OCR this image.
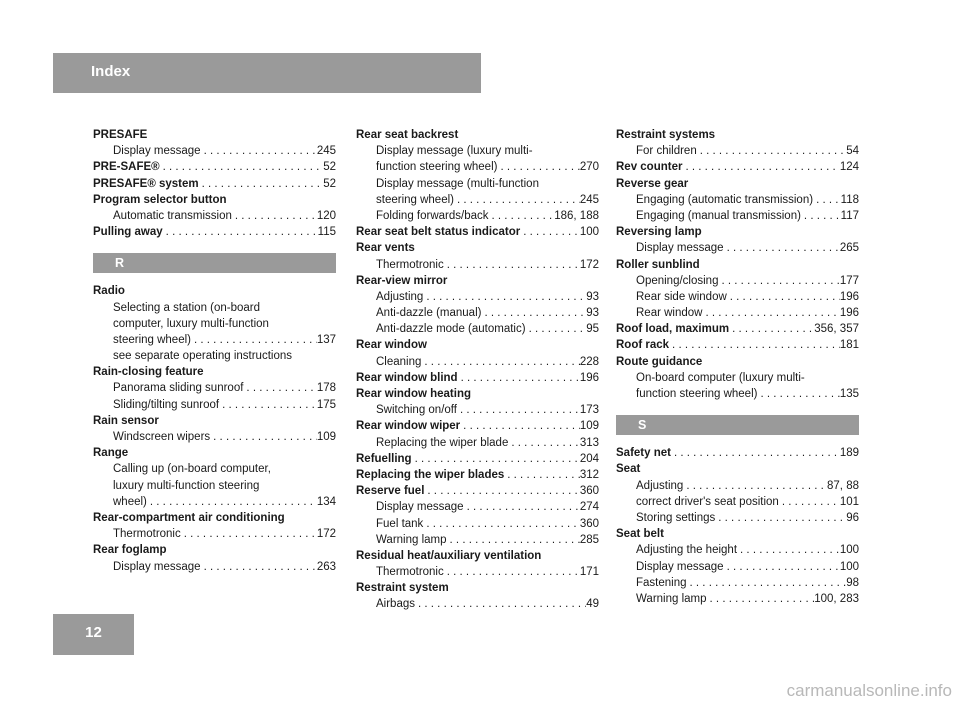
Index
PRESAFE
Display message .....	245
PRE-SAFE® .....	52
PRESAFE® system .....	52
Program selector button
Automatic transmission .....	120
Pulling away .....	115
R
Radio
Selecting a station (on-board
computer, luxury multi-function
steering wheel) .....	137
see separate operating instructions
Rain-closing feature
Panorama sliding sunroof .....	178
Sliding/tilting sunroof .....	175
Rain sensor
Windscreen wipers .....	109
Range
Calling up (on-board computer,
luxury multi-function steering
wheel) .....	134
Rear-compartment air conditioning
Thermotronic .....	172
Rear foglamp
Display message .....	263
Rear seat backrest
Display message (luxury multi-
function steering wheel) .....	270
Display message (multi-function
steering wheel) .....	245
Folding forwards/back .....	186, 188
Rear seat belt status indicator .....	100
Rear vents
Thermotronic .....	172
Rear-view mirror
Adjusting .....	93
Anti-dazzle (manual) .....	93
Anti-dazzle mode (automatic) .....	95
Rear window
Cleaning .....	228
Rear window blind .....	196
Rear window heating
Switching on/off .....	173
Rear window wiper .....	109
Replacing the wiper blade .....	313
Refuelling .....	204
Replacing the wiper blades .....	312
Reserve fuel .....	360
Display message .....	274
Fuel tank .....	360
Warning lamp .....	285
Residual heat/auxiliary ventilation
Thermotronic .....	171
Restraint system
Airbags .....	49
Restraint systems
For children .....	54
Rev counter .....	124
Reverse gear
Engaging (automatic transmission) ..... 118
Engaging (manual transmission) .....	117
Reversing lamp
Display message .....	265
Roller sunblind
Opening/closing .....	177
Rear side window .....	196
Rear window .....	196
Roof load, maximum .....	356, 357
Roof rack .....	181
Route guidance
On-board computer (luxury multi-
function steering wheel) .....	135
S
Safety net .....	189
Seat
Adjusting .....	87, 88
correct driver's seat position .....	101
Storing settings .....	96
Seat belt
Adjusting the height .....	100
Display message .....	100
Fastening .....	98
Warning lamp .....	100, 283
12
carmanualsonline.info
